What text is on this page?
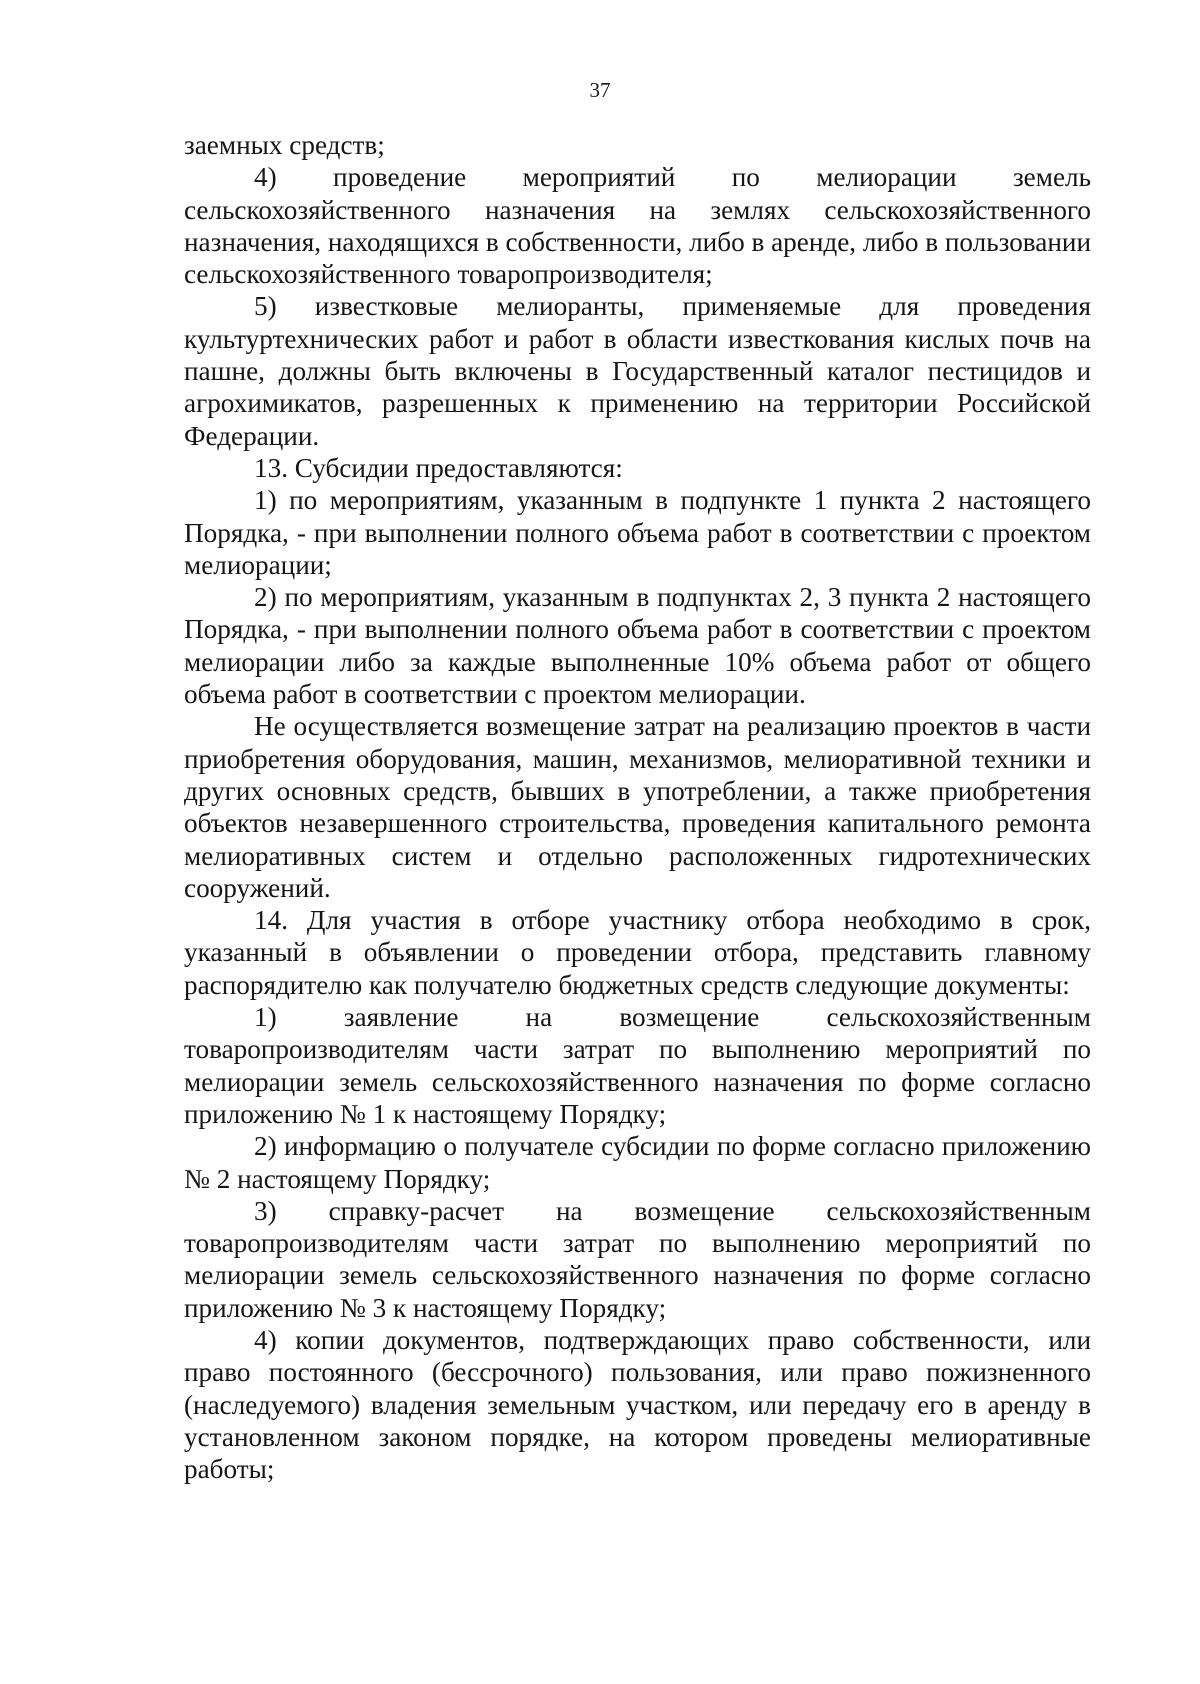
37

заемных средств;

4) проведение мероприятий по мелиорации земель сельскохозяйственного назначения на землях сельскохозяйственного назначения, находящихся в собственности, либо в аренде, либо в пользовании сельскохозяйственного товаропроизводителя;

5) известковые мелиоранты, применяемые для проведения культуртехнических работ и работ в области известкования кислых почв на пашне, должны быть включены в Государственный каталог пестицидов и агрохимикатов, разрешенных к применению на территории Российской Федерации.

13. Субсидии предоставляются:

1) по мероприятиям, указанным в подпункте 1 пункта 2 настоящего Порядка, - при выполнении полного объема работ в соответствии с проектом мелиорации;

2) по мероприятиям, указанным в подпунктах 2, 3 пункта 2 настоящего Порядка, - при выполнении полного объема работ в соответствии с проектом мелиорации либо за каждые выполненные 10% объема работ от общего объема работ в соответствии с проектом мелиорации.

Не осуществляется возмещение затрат на реализацию проектов в части приобретения оборудования, машин, механизмов, мелиоративной техники и других основных средств, бывших в употреблении, а также приобретения объектов незавершенного строительства, проведения капитального ремонта мелиоративных систем и отдельно расположенных гидротехнических сооружений.

14. Для участия в отборе участнику отбора необходимо в срок, указанный в объявлении о проведении отбора, представить главному распорядителю как получателю бюджетных средств следующие документы:

1) заявление на возмещение сельскохозяйственным товаропроизводителям части затрат по выполнению мероприятий по мелиорации земель сельскохозяйственного назначения по форме согласно приложению № 1 к настоящему Порядку;

2) информацию о получателе субсидии по форме согласно приложению № 2 настоящему Порядку;

3) справку-расчет на возмещение сельскохозяйственным товаропроизводителям части затрат по выполнению мероприятий по мелиорации земель сельскохозяйственного назначения по форме согласно приложению № 3 к настоящему Порядку;

4) копии документов, подтверждающих право собственности, или право постоянного (бессрочного) пользования, или право пожизненного (наследуемого) владения земельным участком, или передачу его в аренду в установленном законом порядке, на котором проведены мелиоративные работы;
